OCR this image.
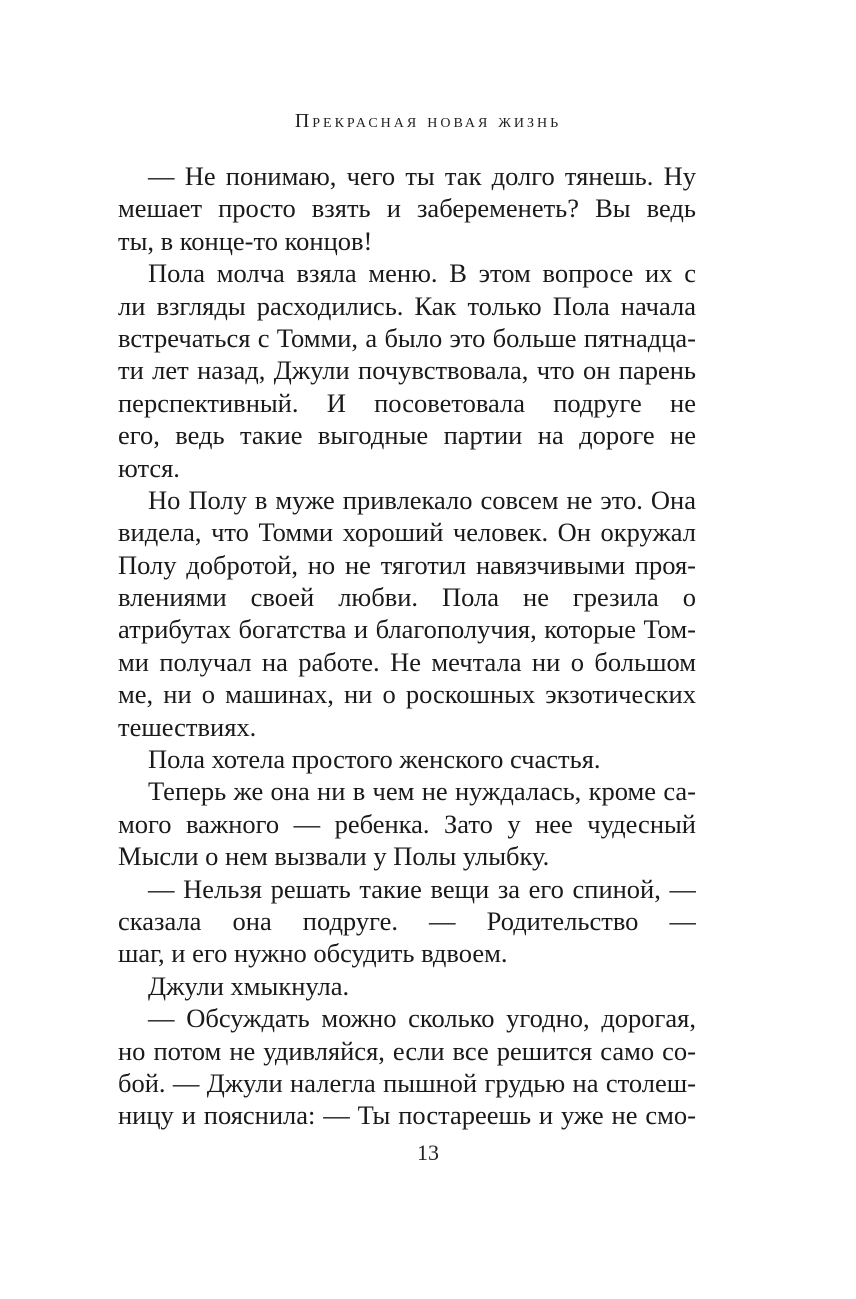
Прекрасная новая жизнь
— Не понимаю, чего ты так долго тянешь. Ну
мешает просто взять и забеременеть? Вы ведь
ты, в конце-то концов!
Пола молча взяла меню. В этом вопросе их с
ли взгляды расходились. Как только Пола начала
встречаться с Томми, а было это больше пятнадца-
ти лет назад, Джули почувствовала, что он парень
перспективный. И посоветовала подруге не
его, ведь такие выгодные партии на дороге не
ются.
Но Полу в муже привлекало совсем не это. Она
видела, что Томми хороший человек. Он окружал
Полу добротой, но не тяготил навязчивыми проя-
влениями своей любви. Пола не грезила о
атрибутах богатства и благополучия, которые Том-
ми получал на работе. Не мечтала ни о большом
ме, ни о машинах, ни о роскошных экзотических
тешествиях.
Пола хотела простого женского счастья.
Теперь же она ни в чем не нуждалась, кроме са-
мого важного — ребенка. Зато у нее чудесный
Мысли о нем вызвали у Полы улыбку.
— Нельзя решать такие вещи за его спиной, —
сказала она подруге. — Родительство —
шаг, и его нужно обсудить вдвоем.
Джули хмыкнула.
— Обсуждать можно сколько угодно, дорогая,
но потом не удивляйся, если все решится само со-
бой. — Джули налегла пышной грудью на столеш-
ницу и пояснила: — Ты постареешь и уже не смо-
13
